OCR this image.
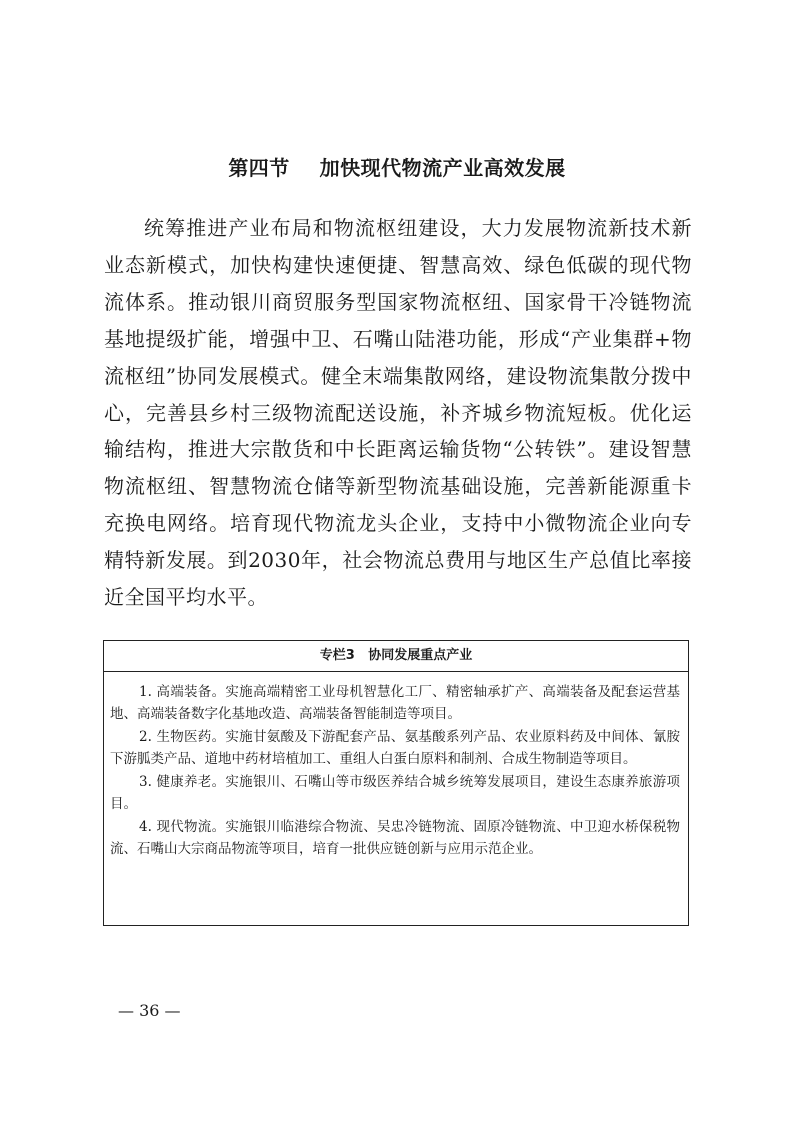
第四节    加快现代物流产业高效发展

统筹推进产业布局和物流枢纽建设，大力发展物流新技术新业态新模式，加快构建快速便捷、智慧高效、绿色低碳的现代物流体系。推动银川商贸服务型国家物流枢纽、国家骨干冷链物流基地提级扩能，增强中卫、石嘴山陆港功能，形成“产业集群+物流枢纽”协同发展模式。健全末端集散网络，建设物流集散分拨中心，完善县乡村三级物流配送设施，补齐城乡物流短板。优化运输结构，推进大宗散货和中长距离运输货物“公转铁”。建设智慧物流枢纽、智慧物流仓储等新型物流基础设施，完善新能源重卡充换电网络。培育现代物流龙头企业，支持中小微物流企业向专精特新发展。到2030年，社会物流总费用与地区生产总值比率接近全国平均水平。

专栏3   协同发展重点产业

1. 高端装备。实施高端精密工业母机智慧化工厂、精密轴承扩产、高端装备及配套运营基地、高端装备数字化基地改造、高端装备智能制造等项目。

2. 生物医药。实施甘氨酸及下游配套产品、氨基酸系列产品、农业原料药及中间体、氰胺下游胍类产品、道地中药材培植加工、重组人白蛋白原料和制剂、合成生物制造等项目。

3. 健康养老。实施银川、石嘴山等市级医养结合城乡统筹发展项目，建设生态康养旅游项目。

4. 现代物流。实施银川临港综合物流、吴忠冷链物流、固原冷链物流、中卫迎水桥保税物流、石嘴山大宗商品物流等项目，培育一批供应链创新与应用示范企业。

— 36 —
